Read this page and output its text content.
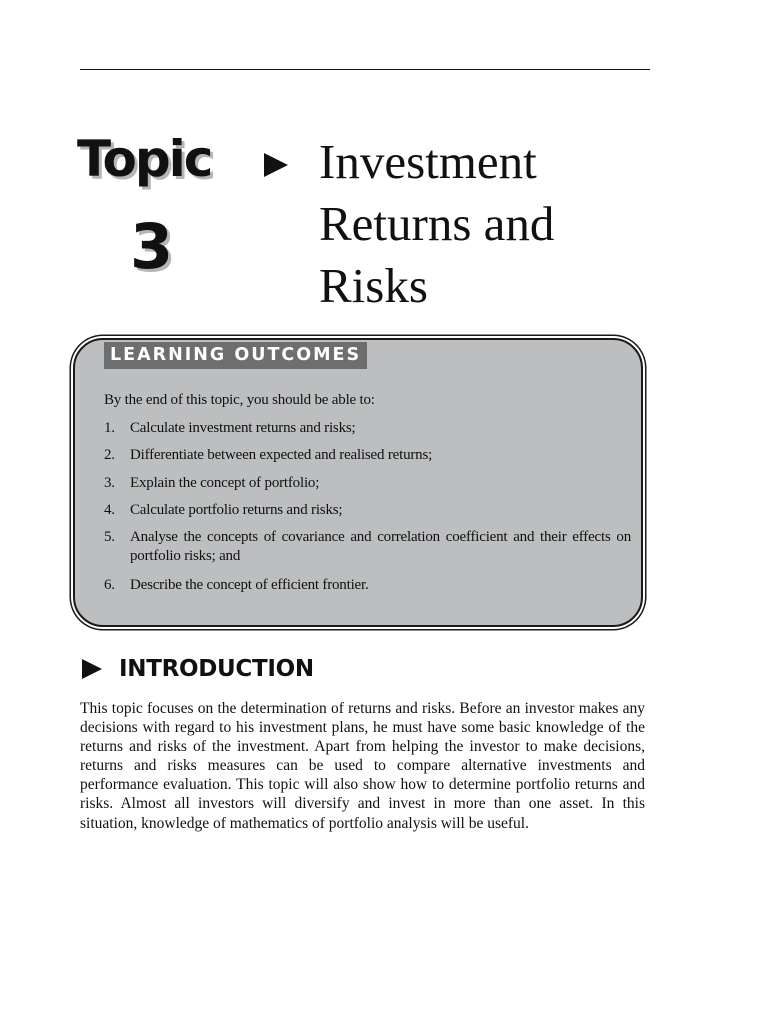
Topic
3
Investment
Returns and
Risks
LEARNING OUTCOMES
By the end of this topic, you should be able to:
1. Calculate investment returns and risks;
2. Differentiate between expected and realised returns;
3. Explain the concept of portfolio;
4. Calculate portfolio returns and risks;
5. Analyse the concepts of covariance and correlation coefficient and their effects on portfolio risks; and
6. Describe the concept of efficient frontier.
INTRODUCTION
This topic focuses on the determination of returns and risks. Before an investor makes any decisions with regard to his investment plans, he must have some basic knowledge of the returns and risks of the investment. Apart from helping the investor to make decisions, returns and risks measures can be used to compare alternative investments and performance evaluation. This topic will also show how to determine portfolio returns and risks. Almost all investors will diversify and invest in more than one asset. In this situation, knowledge of mathematics of portfolio analysis will be useful.
